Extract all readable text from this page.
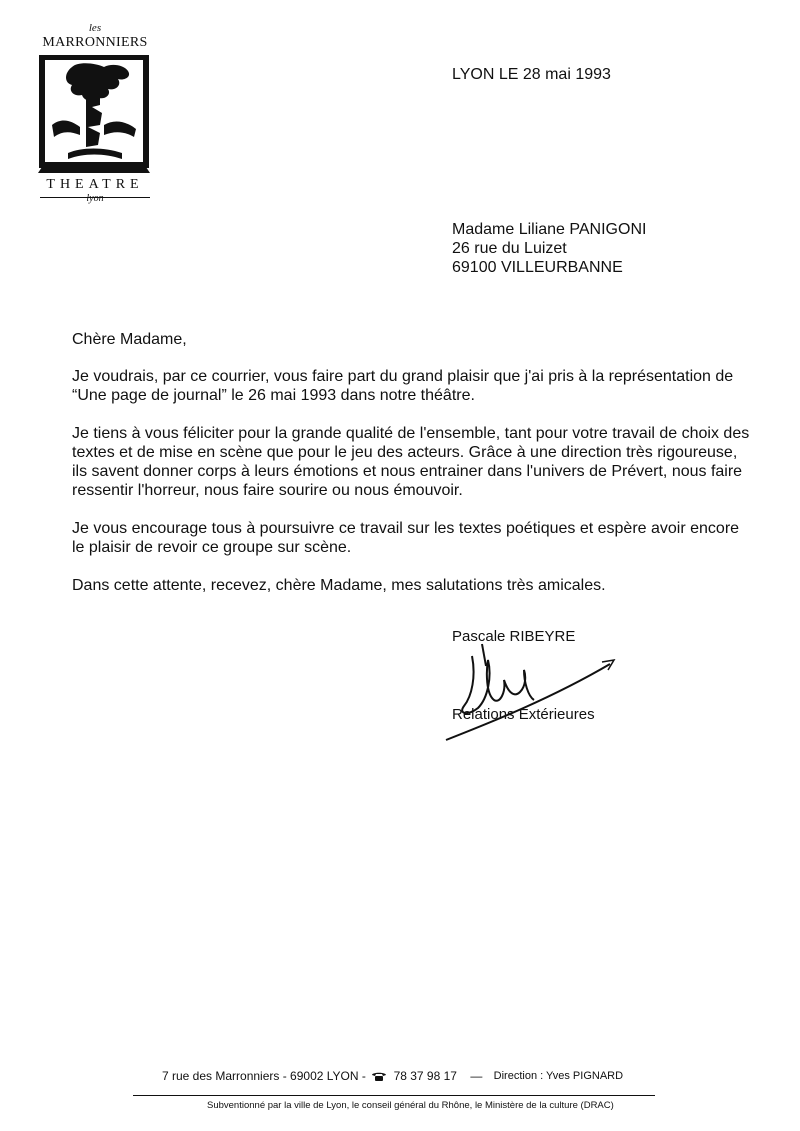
les
MARRONNIERS
THEATRE
lyon
LYON LE 28 mai 1993
Madame Liliane PANIGONI
26 rue du Luizet
69100 VILLEURBANNE

Chère Madame,

Je voudrais, par ce courrier, vous faire part du grand plaisir que j'ai pris à la représentation de “Une page de journal” le 26 mai 1993 dans notre théâtre.

Je tiens à vous féliciter pour la grande qualité de l'ensemble, tant pour votre travail de choix des textes et de mise en scène que pour le jeu des acteurs. Grâce à une direction très rigoureuse, ils savent donner corps à leurs émotions et nous entrainer dans l'univers de Prévert, nous faire ressentir l'horreur, nous faire sourire ou nous émouvoir.

Je vous encourage tous à poursuivre ce travail sur les textes poétiques et espère avoir encore le plaisir de revoir ce groupe sur scène.

Dans cette attente, recevez, chère Madame, mes salutations très amicales.

Pascale RIBEYRE
Relations Extérieures
7 rue des Marronniers - 69002 LYON - 78 37 98 17 — Direction : Yves PIGNARD
Subventionné par la ville de Lyon, le conseil général du Rhône, le Ministère de la culture (DRAC)
